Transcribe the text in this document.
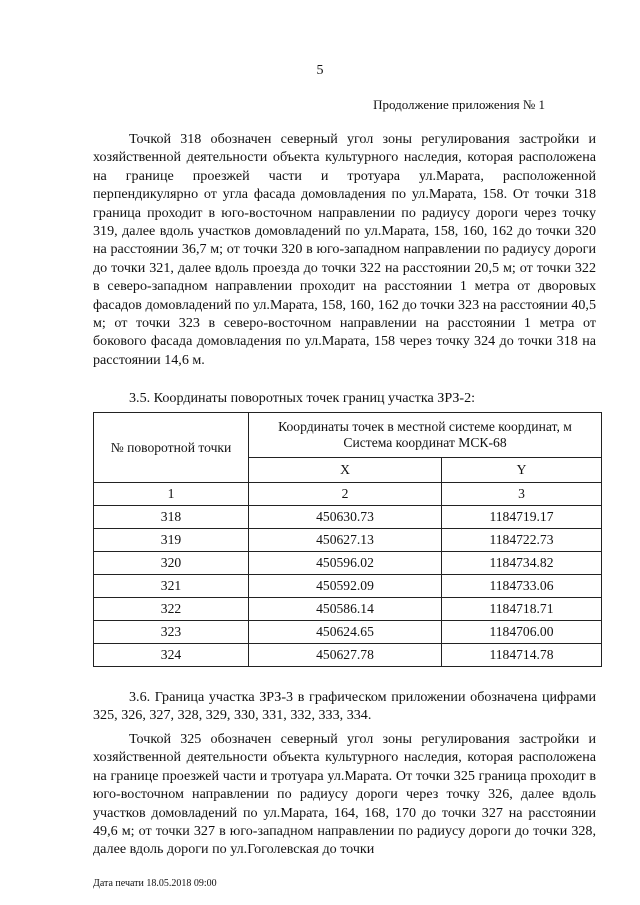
5
Продолжение приложения № 1

Точкой 318 обозначен северный угол зоны регулирования застройки и хозяйственной деятельности объекта культурного наследия, которая расположена на границе проезжей части и тротуара ул.Марата, расположенной перпендикулярно от угла фасада домовладения по ул.Марата, 158. От точки 318 граница проходит в юго-восточном направлении по радиусу дороги через точку 319, далее вдоль участков домовладений по ул.Марата, 158, 160, 162 до точки 320 на расстоянии 36,7 м; от точки 320 в юго-западном направлении по радиусу дороги до точки 321, далее вдоль проезда до точки 322 на расстоянии 20,5 м; от точки 322 в северо-западном направлении проходит на расстоянии 1 метра от дворовых фасадов домовладений по ул.Марата, 158, 160, 162 до точки 323 на расстоянии 40,5 м; от точки 323 в северо-восточном направлении на расстоянии 1 метра от бокового фасада домовладения по ул.Марата, 158 через точку 324 до точки 318 на расстоянии 14,6 м.

3.5. Координаты поворотных точек границ участка ЗРЗ-2:
№ поворотной точки	Координаты точек в местной системе координат, м Система координат МСК-68	
	X	Y
1	2	3
318	450630.73	1184719.17
319	450627.13	1184722.73
320	450596.02	1184734.82
321	450592.09	1184733.06
322	450586.14	1184718.71
323	450624.65	1184706.00
324	450627.78	1184714.78

3.6. Граница участка ЗРЗ-3 в графическом приложении обозначена цифрами 325, 326, 327, 328, 329, 330, 331, 332, 333, 334.

Точкой 325 обозначен северный угол зоны регулирования застройки и хозяйственной деятельности объекта культурного наследия, которая расположена на границе проезжей части и тротуара ул.Марата. От точки 325 граница проходит в юго-восточном направлении по радиусу дороги через точку 326, далее вдоль участков домовладений по ул.Марата, 164, 168, 170 до точки 327 на расстоянии 49,6 м; от точки 327 в юго-западном направлении по радиусу дороги до точки 328, далее вдоль дороги по ул.Гоголевская до точки

Дата печати 18.05.2018 09:00
